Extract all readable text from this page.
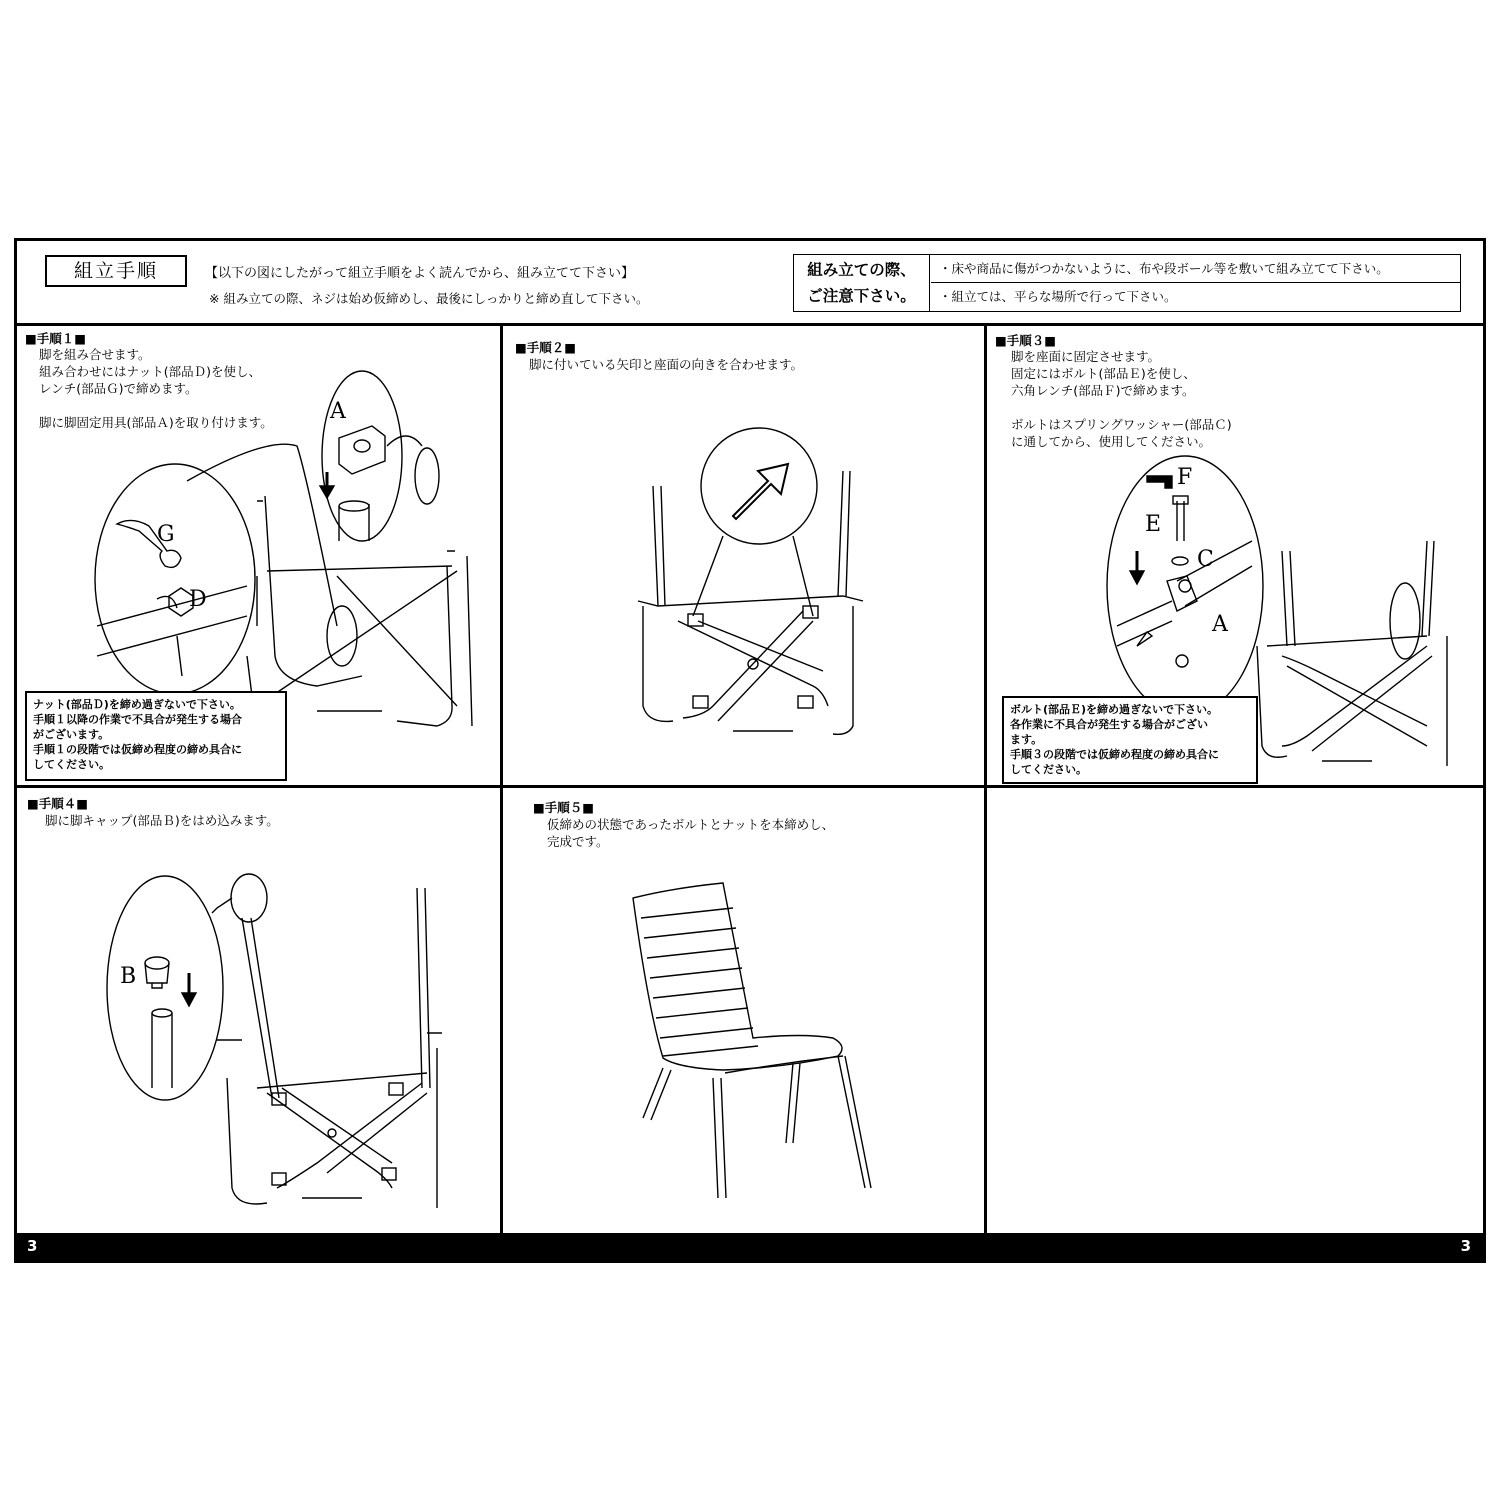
組立手順	【以下の図にしたがって組立手順をよく読んでから、組み立てて下さい】
※ 組み立ての際、ネジは始め仮締めし、最後にしっかりと締め直して下さい。
組み立ての際、
ご注意下さい。
・床や商品に傷がつかないように、布や段ボール等を敷いて組み立てて下さい。
・組立ては、平らな場所で行って下さい。
■手順１■
脚を組み合せます。
組み合わせにはナット(部品Ｄ)を使し、
レンチ(部品Ｇ)で締めます。

脚に脚固定用具(部品Ａ)を取り付けます。
G
D
A
ナット(部品Ｄ)を締め過ぎないで下さい。
手順１以降の作業で不具合が発生する場合
がございます。
手順１の段階では仮締め程度の締め具合に
してください。
■手順２■
脚に付いている矢印と座面の向きを合わせます。
■手順３■
脚を座面に固定させます。
固定にはボルト(部品Ｅ)を使し、
六角レンチ(部品Ｆ)で締めます。

ボルトはスプリングワッシャー(部品Ｃ)
に通してから、使用してください。
F
E
C
A
ボルト(部品Ｅ)を締め過ぎないで下さい。
各作業に不具合が発生する場合がござい
ます。
手順３の段階では仮締め程度の締め具合に
してください。
■手順４■
脚に脚キャップ(部品Ｂ)をはめ込みます。
B
■手順５■
仮締めの状態であったボルトとナットを本締めし、
完成です。
3	3
